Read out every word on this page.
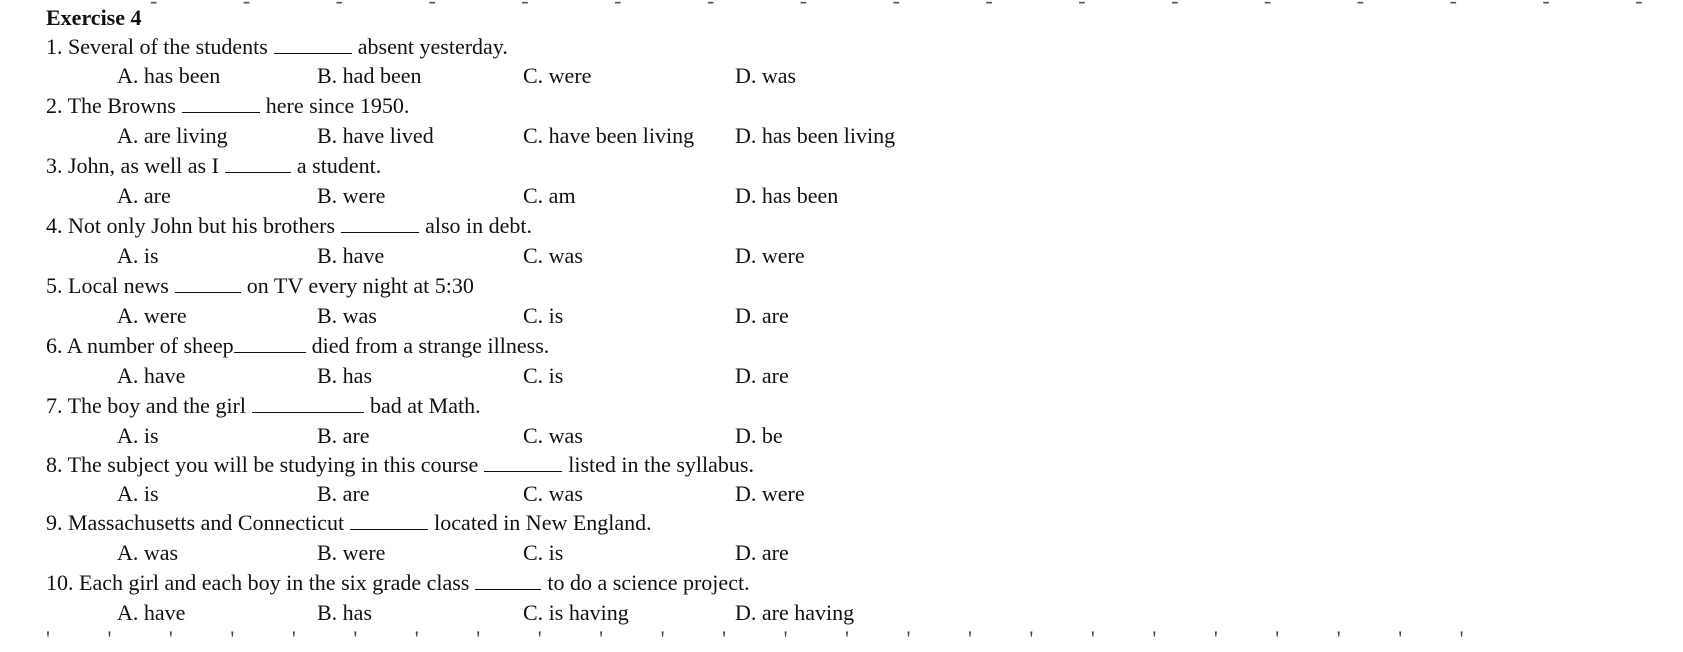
- - - - - - - - - - - - - - - - -
Exercise 4
1. Several of the students	absent yesterday.
A. has been	B. had been	C. were	D. was
2. The Browns	here since 1950.
A. are living	B. have lived	C. have been living D. has been living
3. John, as well as I	a student.
A. are	B. were	C. am	D. has been
4. Not only John but his brothers	also in debt.
A. is	B. have	C. was	D. were
5. Local news	on TV every night at 5:30
A. were	B. was	C. is	D. are
6. A number of sheep	died from a strange illness.
A. have	B. has	C. is	D. are
7. The boy and the girl	bad at Math.
A. is	B. are	C. was	D. be
8. The subject you will be studying in this course	listed in the syllabus.
A. is	B. are	C. was	D. were
9. Massachusetts and Connecticut	located in New England.
A. was	B. were	C. is	D. are
10. Each girl and each boy in the six grade class	to do a science project.
A. have	B. has	C. is having	D. are having
' ' ' ' ' ' ' ' ' ' ' ' ' ' ' ' ' ' ' ' ' ' ' '
